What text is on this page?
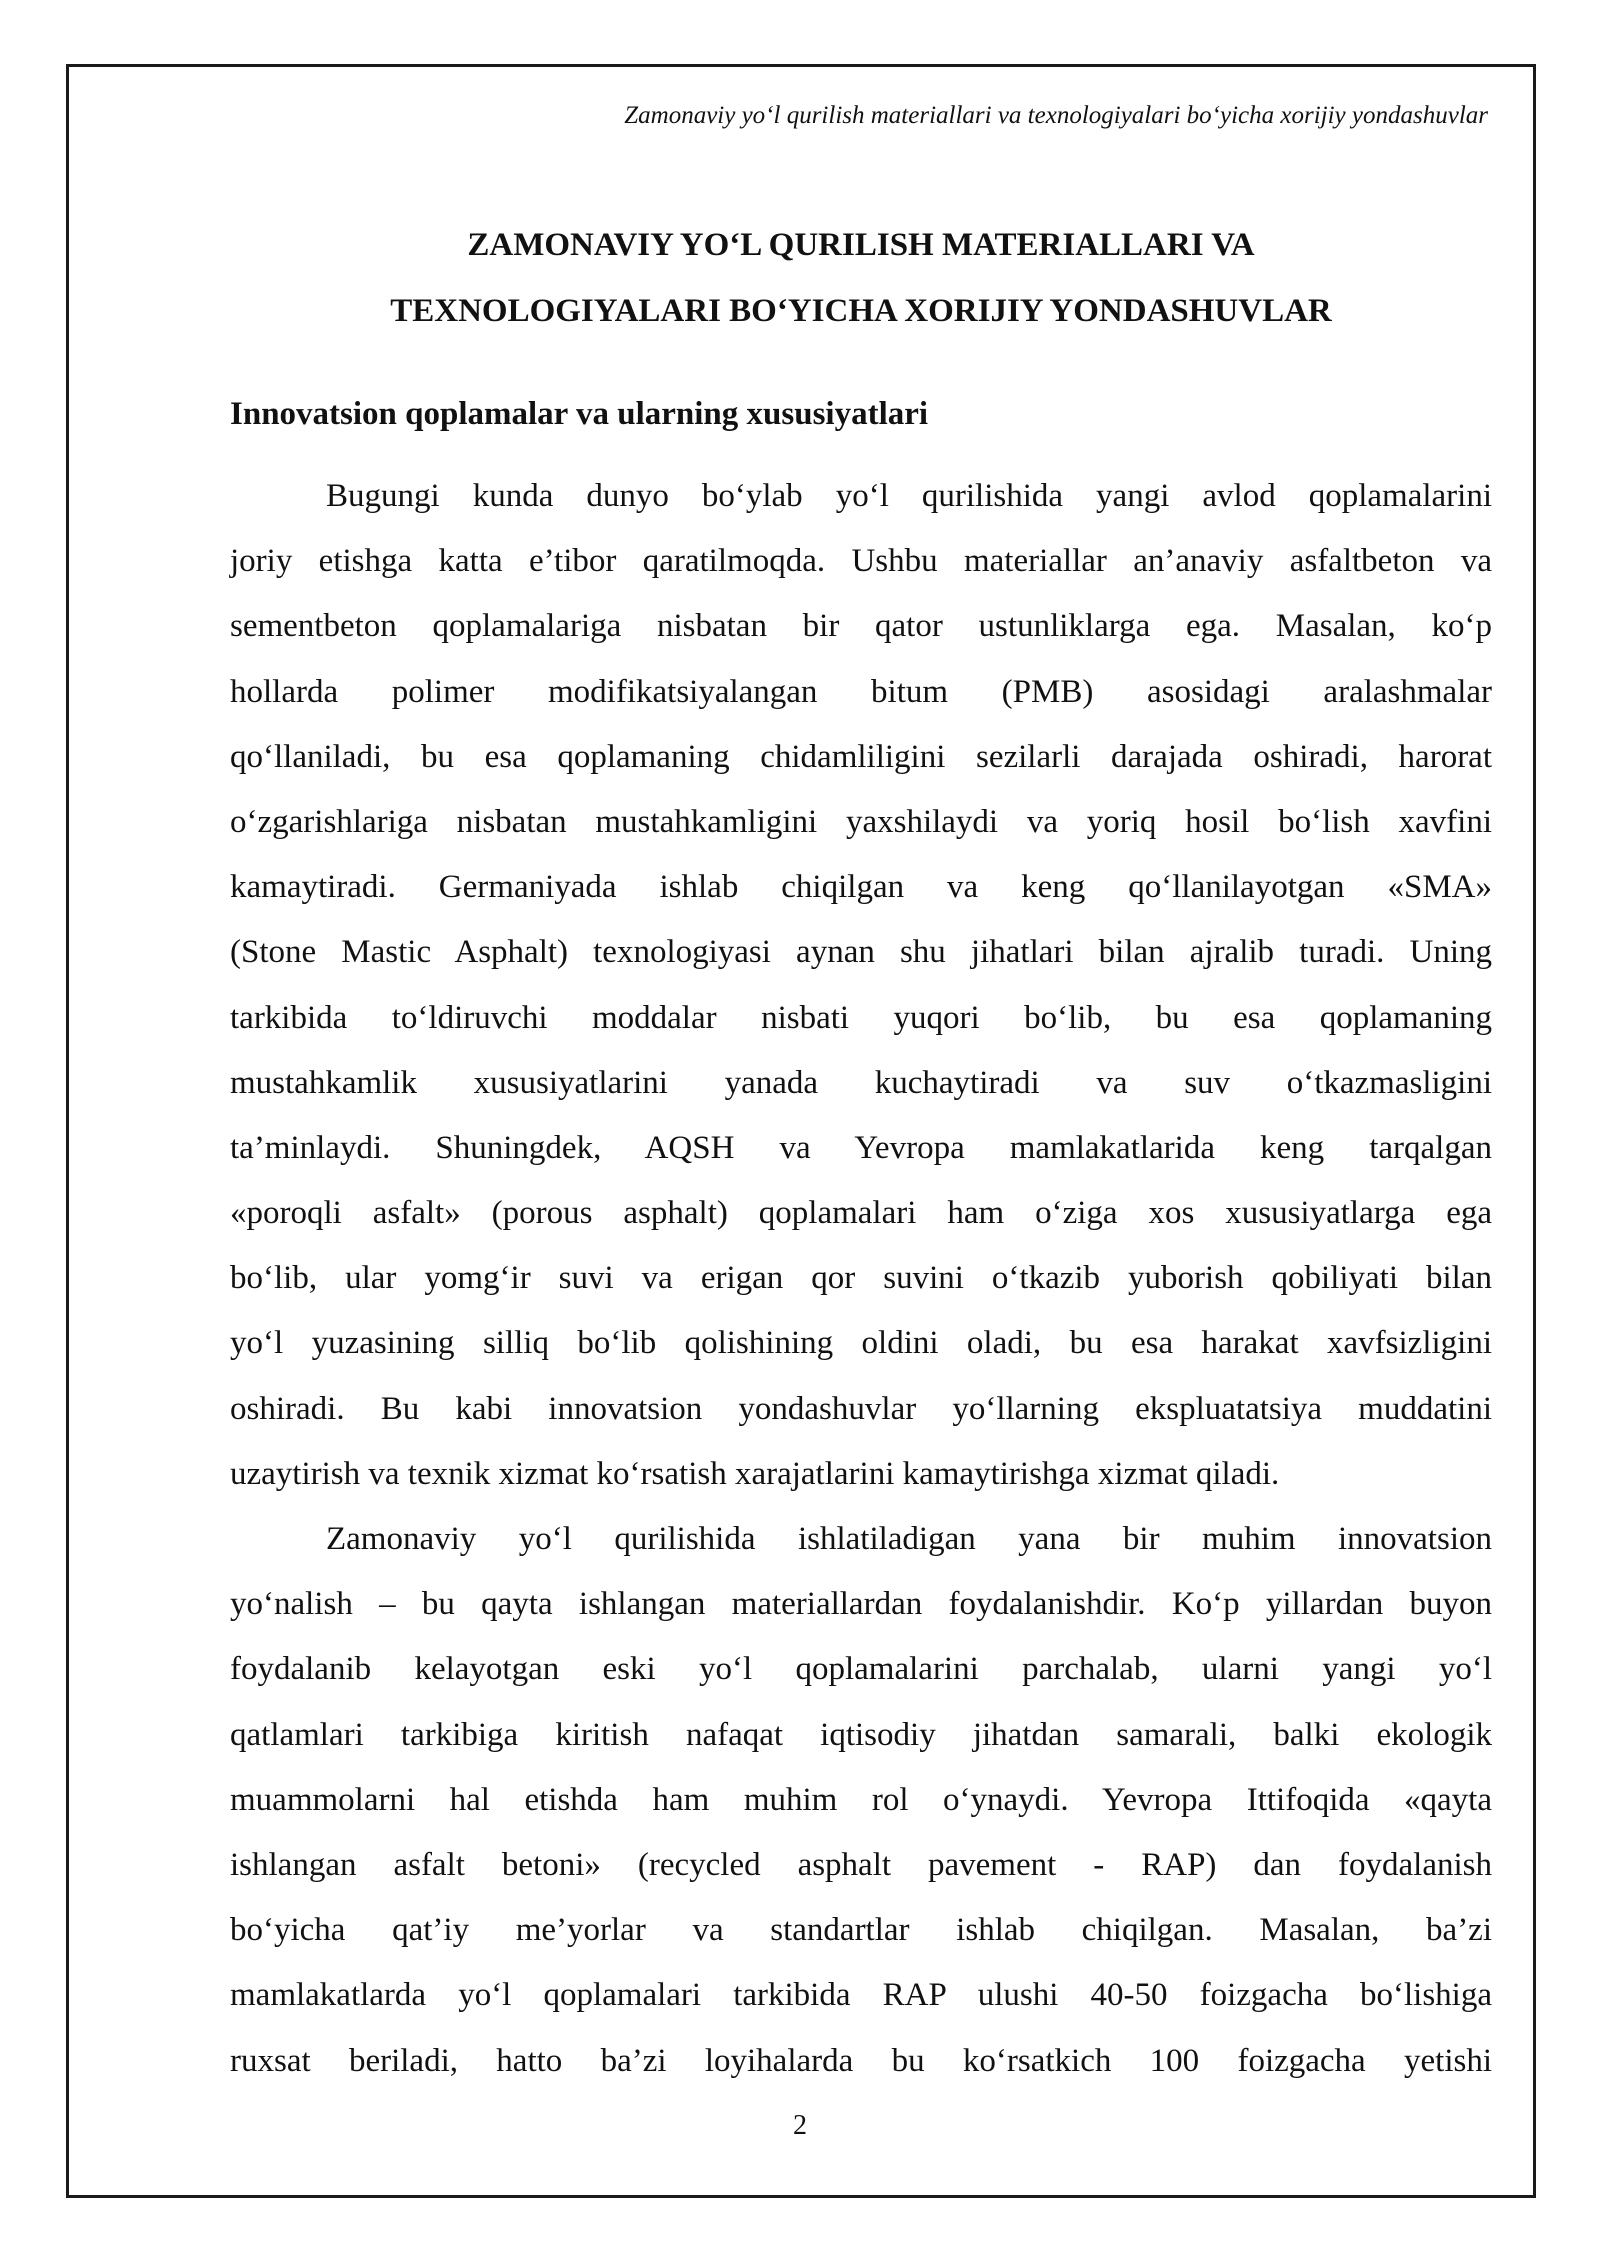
Zamonaviy yo‘l qurilish materiallari va texnologiyalari bo‘yicha xorijiy yondashuvlar
ZAMONAVIY YO‘L QURILISH MATERIALLARI VA
TEXNOLOGIYALARI BO‘YICHA XORIJIY YONDASHUVLAR
Innovatsion qoplamalar va ularning xususiyatlari
Bugungi kunda dunyo bo‘ylab yo‘l qurilishida yangi avlod qoplamalarini
joriy etishga katta e’tibor qaratilmoqda. Ushbu materiallar an’anaviy asfaltbeton va
sementbeton qoplamalariga nisbatan bir qator ustunliklarga ega. Masalan, ko‘p
hollarda polimer modifikatsiyalangan bitum (PMB) asosidagi aralashmalar
qo‘llaniladi, bu esa qoplamaning chidamliligini sezilarli darajada oshiradi, harorat
o‘zgarishlariga nisbatan mustahkamligini yaxshilaydi va yoriq hosil bo‘lish xavfini
kamaytiradi. Germaniyada ishlab chiqilgan va keng qo‘llanilayotgan «SMA»
(Stone Mastic Asphalt) texnologiyasi aynan shu jihatlari bilan ajralib turadi. Uning
tarkibida to‘ldiruvchi moddalar nisbati yuqori bo‘lib, bu esa qoplamaning
mustahkamlik xususiyatlarini yanada kuchaytiradi va suv o‘tkazmasligini
ta’minlaydi. Shuningdek, AQSH va Yevropa mamlakatlarida keng tarqalgan
«poroqli asfalt» (porous asphalt) qoplamalari ham o‘ziga xos xususiyatlarga ega
bo‘lib, ular yomg‘ir suvi va erigan qor suvini o‘tkazib yuborish qobiliyati bilan
yo‘l yuzasining silliq bo‘lib qolishining oldini oladi, bu esa harakat xavfsizligini
oshiradi. Bu kabi innovatsion yondashuvlar yo‘llarning ekspluatatsiya muddatini
uzaytirish va texnik xizmat ko‘rsatish xarajatlarini kamaytirishga xizmat qiladi.
Zamonaviy yo‘l qurilishida ishlatiladigan yana bir muhim innovatsion
yo‘nalish – bu qayta ishlangan materiallardan foydalanishdir. Ko‘p yillardan buyon
foydalanib kelayotgan eski yo‘l qoplamalarini parchalab, ularni yangi yo‘l
qatlamlari tarkibiga kiritish nafaqat iqtisodiy jihatdan samarali, balki ekologik
muammolarni hal etishda ham muhim rol o‘ynaydi. Yevropa Ittifoqida «qayta
ishlangan asfalt betoni» (recycled asphalt pavement - RAP) dan foydalanish
bo‘yicha qat’iy me’yorlar va standartlar ishlab chiqilgan. Masalan, ba’zi
mamlakatlarda yo‘l qoplamalari tarkibida RAP ulushi 40-50 foizgacha bo‘lishiga
ruxsat beriladi, hatto ba’zi loyihalarda bu ko‘rsatkich 100 foizgacha yetishi
2
